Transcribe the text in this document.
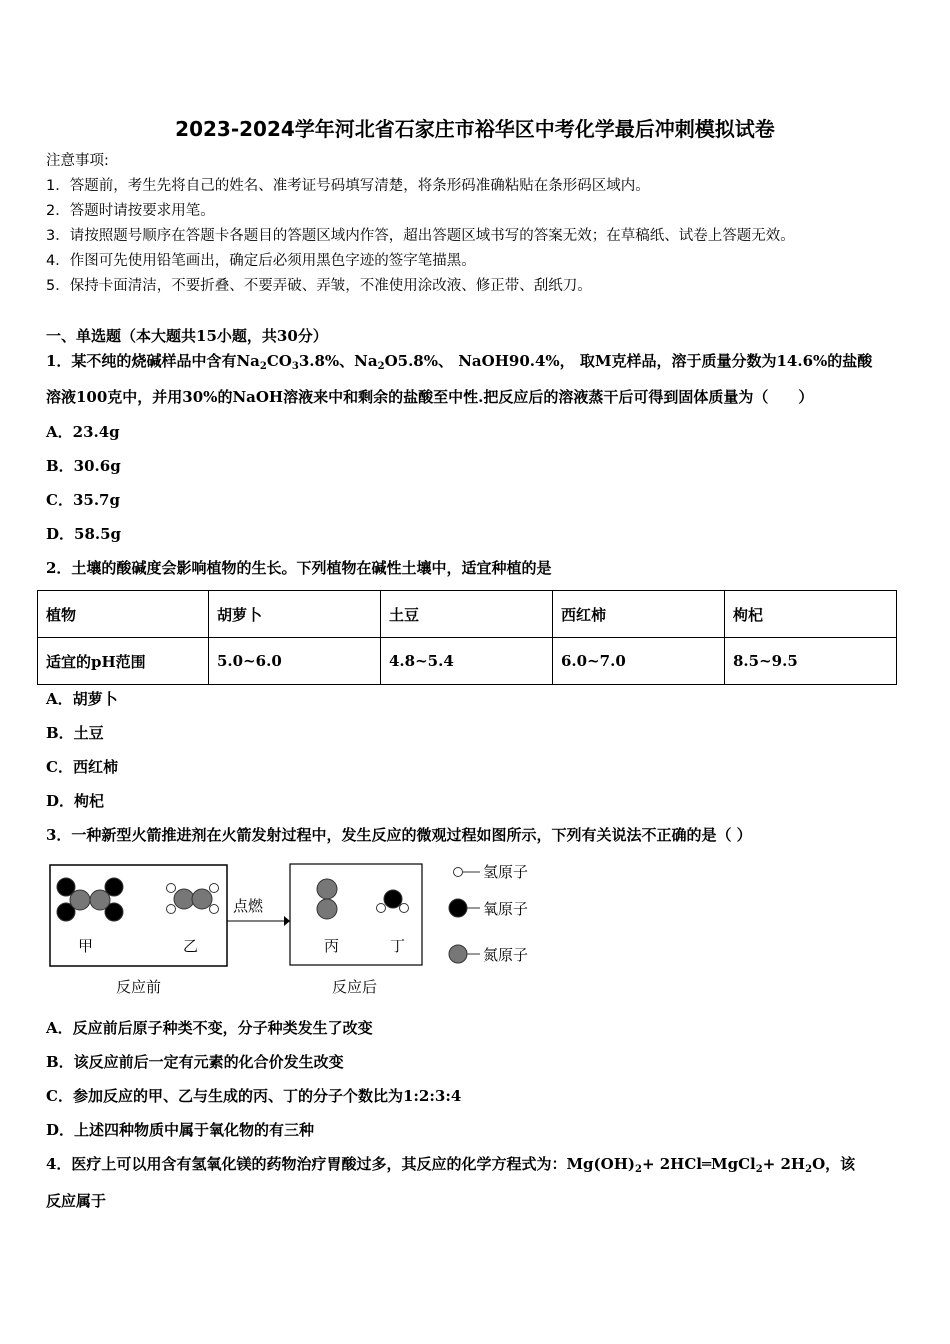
2023-2024学年河北省石家庄市裕华区中考化学最后冲刺模拟试卷
注意事项:
1．答题前，考生先将自己的姓名、准考证号码填写清楚，将条形码准确粘贴在条形码区域内。
2．答题时请按要求用笔。
3．请按照题号顺序在答题卡各题目的答题区域内作答，超出答题区域书写的答案无效；在草稿纸、试卷上答题无效。
4．作图可先使用铅笔画出，确定后必须用黑色字迹的签字笔描黑。
5．保持卡面清洁，不要折叠、不要弄破、弄皱，不准使用涂改液、修正带、刮纸刀。
一、单选题（本大题共15小题，共30分）
1．某不纯的烧碱样品中含有$Na_2CO_33.8\%$、$Na_2O5.8\%$、 NaOH90.4%， 取M克样品，溶于质量分数为14.6%的盐酸
溶液100克中，并用30%的NaOH溶液来中和剩余的盐酸至中性.把反应后的溶液蒸干后可得到固体质量为（　　）
A．23.4g
B．30.6g
C．35.7g
D．58.5g
2．土壤的酸碱度会影响植物的生长。下列植物在碱性土壤中，适宜种植的是
植物	胡萝卜	土豆	西红柿	枸杞
适宜的pH范围	5.0~6.0	4.8~5.4	6.0~7.0	8.5~9.5
A．胡萝卜
B．土豆
C．西红柿
D．枸杞
3．一种新型火箭推进剂在火箭发射过程中，发生反应的微观过程如图所示，下列有关说法不正确的是（ ）
点燃
甲	乙	丙	丁
反应前	反应后
氢原子
氧原子
氮原子
A．反应前后原子种类不变，分子种类发生了改变
B．该反应前后一定有元素的化合价发生改变
C．参加反应的甲、乙与生成的丙、丁的分子个数比为1:2:3:4
D．上述四种物质中属于氧化物的有三种
4．医疗上可以用含有氢氧化镁的药物治疗胃酸过多，其反应的化学方程式为：$Mg(OH)_2+$ 2HCl═MgCl$_2$+ $2H_2O$，该
反应属于
